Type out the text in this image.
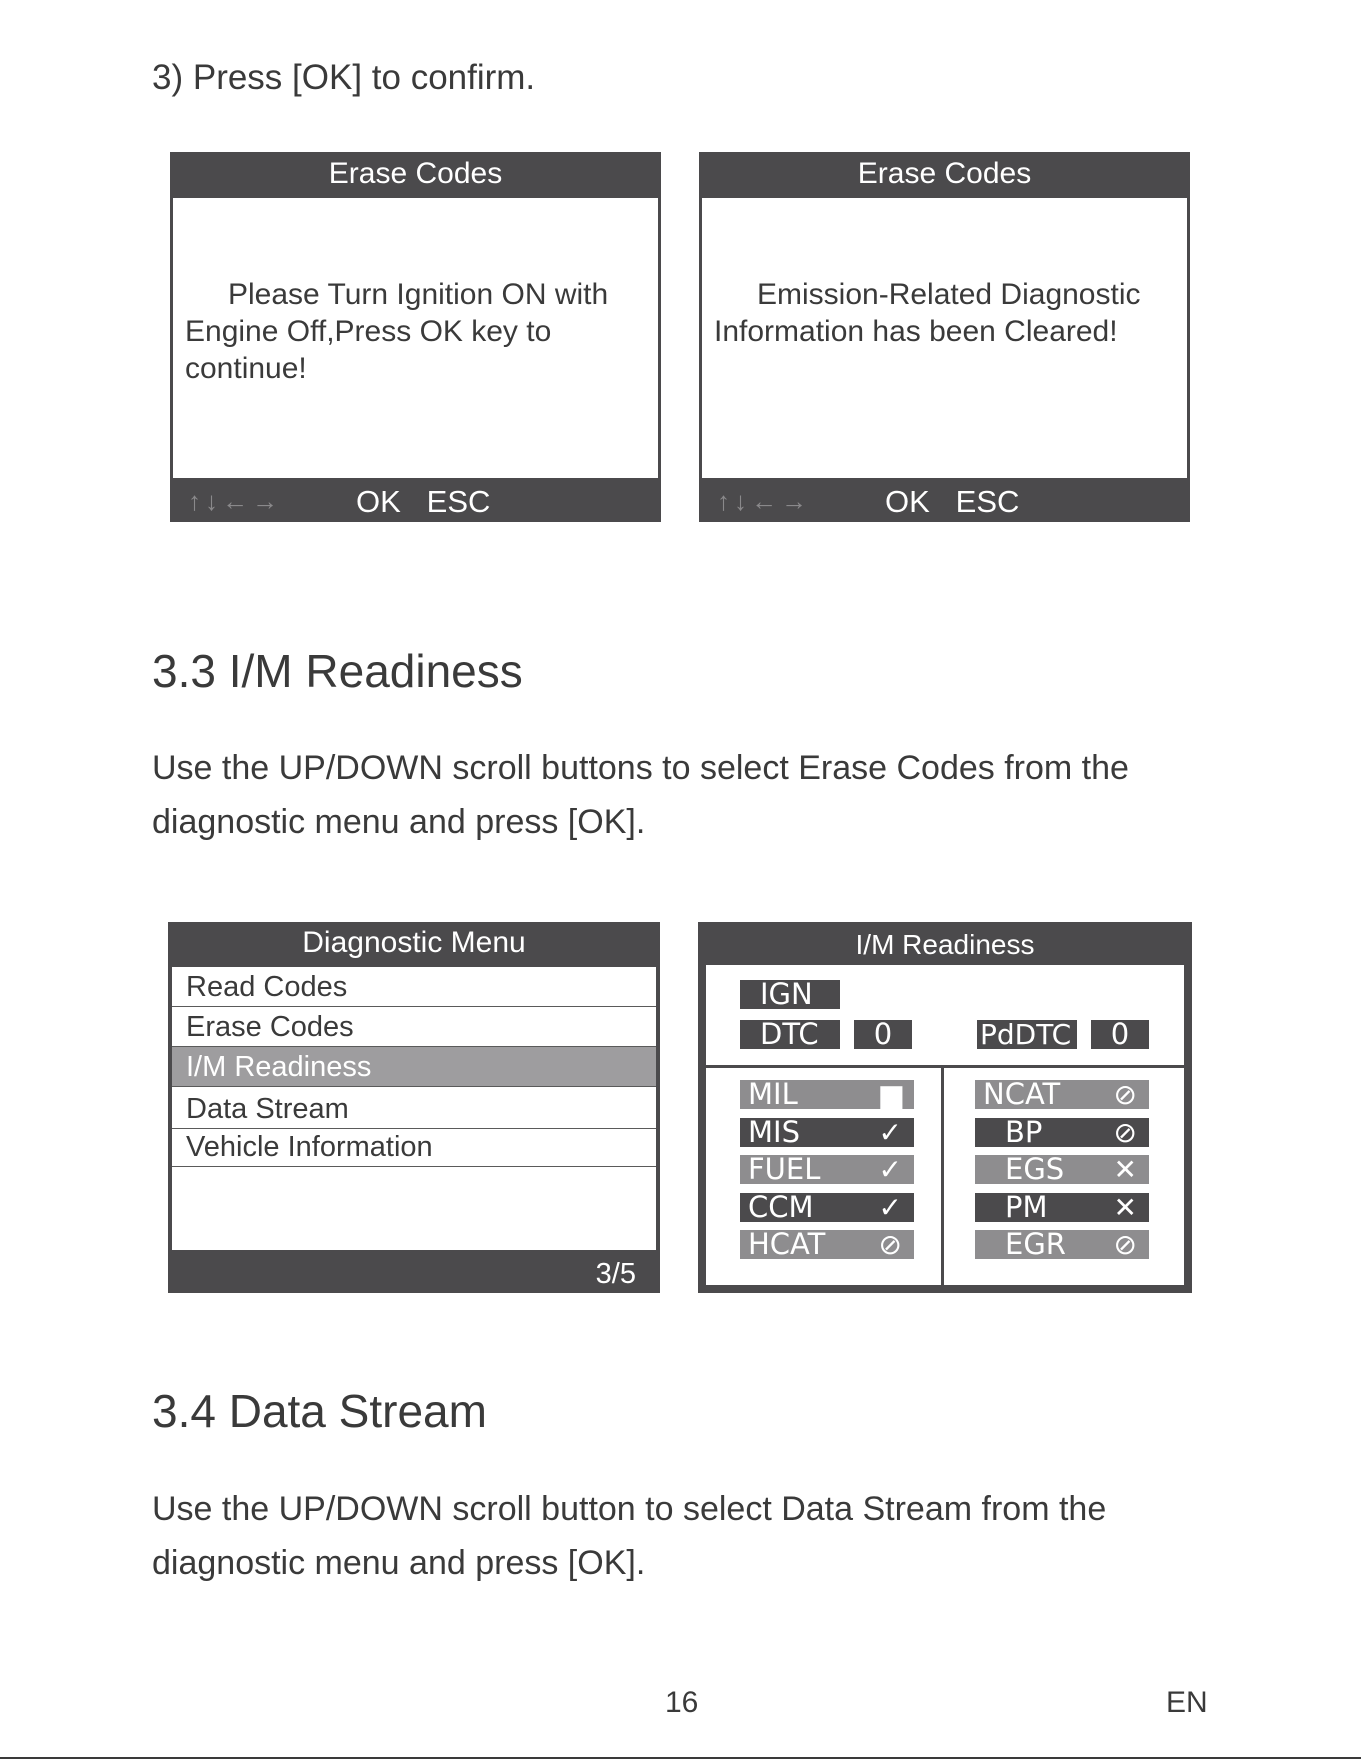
3) Press [OK] to confirm.
Erase Codes
Please Turn Ignition ON with Engine Off,Press OK key to continue!
↑↓←→ OK ESC
Erase Codes
Emission-Related Diagnostic Information has been Cleared!
↑↓←→ OK ESC
3.3 I/M Readiness
Use the UP/DOWN scroll buttons to select Erase Codes from the diagnostic menu and press [OK].
Diagnostic Menu
Read Codes
Erase Codes
I/M Readiness
Data Stream
Vehicle Information
3/5
I/M Readiness
IGN
DTC	0	PdDTC	0
MIL	▆
MIS	✓
FUEL ✓
CCM ✓
HCAT ⊘
NCAT ⊘
BP	⊘
EGS ✕
PM ✕
EGR ⊘
3.4 Data Stream
Use the UP/DOWN scroll button to select Data Stream from the diagnostic menu and press [OK].
16	EN
